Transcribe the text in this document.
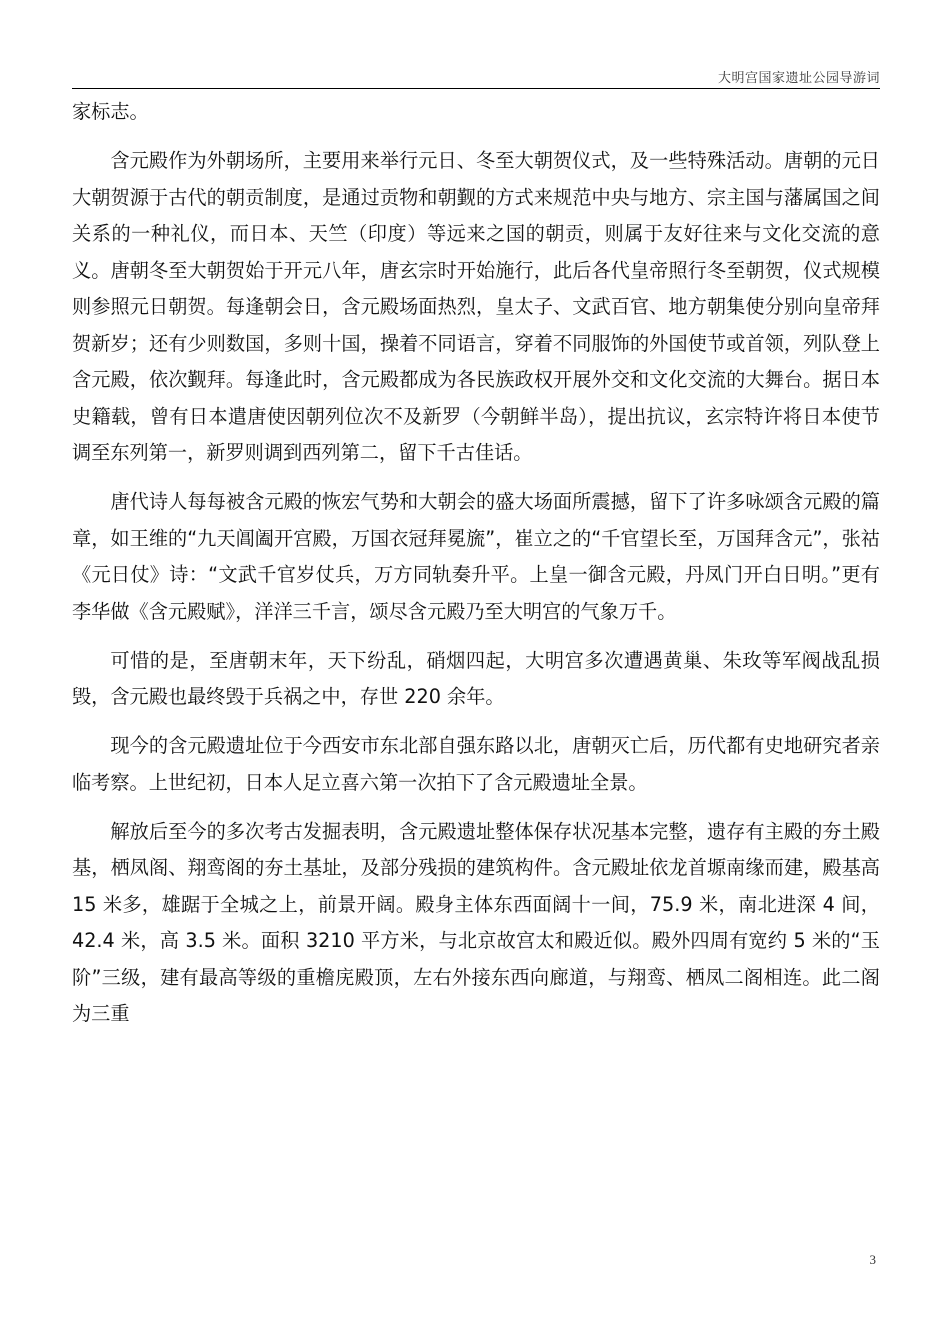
大明宫国家遗址公园导游词

家标志。

含元殿作为外朝场所，主要用来举行元日、冬至大朝贺仪式，及一些特殊活动。唐朝的元日大朝贺源于古代的朝贡制度，是通过贡物和朝觐的方式来规范中央与地方、宗主国与藩属国之间关系的一种礼仪，而日本、天竺（印度）等远来之国的朝贡，则属于友好往来与文化交流的意义。唐朝冬至大朝贺始于开元八年，唐玄宗时开始施行，此后各代皇帝照行冬至朝贺，仪式规模则参照元日朝贺。每逢朝会日，含元殿场面热烈，皇太子、文武百官、地方朝集使分别向皇帝拜贺新岁；还有少则数国，多则十国，操着不同语言，穿着不同服饰的外国使节或首领，列队登上含元殿，依次觐拜。每逢此时，含元殿都成为各民族政权开展外交和文化交流的大舞台。据日本史籍载，曾有日本遣唐使因朝列位次不及新罗（今朝鲜半岛），提出抗议，玄宗特许将日本使节调至东列第一，新罗则调到西列第二，留下千古佳话。

唐代诗人每每被含元殿的恢宏气势和大朝会的盛大场面所震撼，留下了许多咏颂含元殿的篇章，如王维的“九天阊阖开宫殿，万国衣冠拜冕旒”，崔立之的“千官望长至，万国拜含元”，张祜《元日仗》诗：“文武千官岁仗兵，万方同轨奏升平。上皇一御含元殿，丹凤门开白日明。”更有李华做《含元殿赋》，洋洋三千言，颂尽含元殿乃至大明宫的气象万千。

可惜的是，至唐朝末年，天下纷乱，硝烟四起，大明宫多次遭遇黄巢、朱玫等军阀战乱损毁，含元殿也最终毁于兵祸之中，存世 220 余年。

现今的含元殿遗址位于今西安市东北部自强东路以北，唐朝灭亡后，历代都有史地研究者亲临考察。上世纪初，日本人足立喜六第一次拍下了含元殿遗址全景。

解放后至今的多次考古发掘表明，含元殿遗址整体保存状况基本完整，遗存有主殿的夯土殿基，栖凤阁、翔鸾阁的夯土基址，及部分残损的建筑构件。含元殿址依龙首塬南缘而建，殿基高 15 米多，雄踞于全城之上，前景开阔。殿身主体东西面阔十一间，75.9 米，南北进深 4 间，42.4 米，高 3.5 米。面积 3210 平方米，与北京故宫太和殿近似。殿外四周有宽约 5 米的“玉阶”三级，建有最高等级的重檐庑殿顶，左右外接东西向廊道，与翔鸾、栖凤二阁相连。此二阁为三重

3
